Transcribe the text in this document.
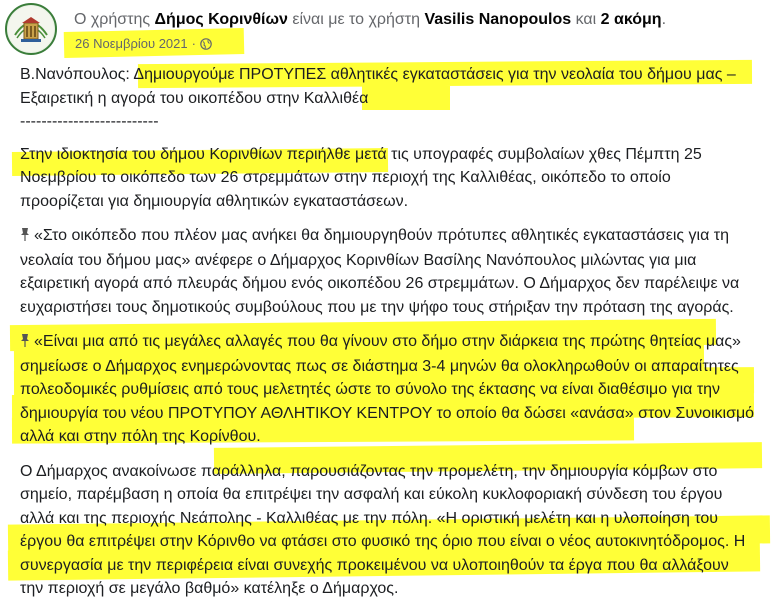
Ο χρήστης Δήμος Κορινθίων είναι με το χρήστη Vasilis Nanopoulos και 2 ακόμη.
26 Νοεμβρίου 2021 ·

Β.Νανόπουλος: Δημιουργούμε ΠΡΟΤΥΠΕΣ αθλητικές εγκαταστάσεις για την νεολαία του δήμου μας – Εξαιρετική η αγορά του οικοπέδου στην Καλλιθέα

--------------------------

Στην ιδιοκτησία του δήμου Κορινθίων περιήλθε μετά τις υπογραφές συμβολαίων χθες Πέμπτη 25 Νοεμβρίου το οικόπεδο των 26 στρεμμάτων στην περιοχή της Καλλιθέας, οικόπεδο το οποίο προορίζεται για δημιουργία αθλητικών εγκαταστάσεων.

«Στο οικόπεδο που πλέον μας ανήκει θα δημιουργηθούν πρότυπες αθλητικές εγκαταστάσεις για τη νεολαία του δήμου μας» ανέφερε ο Δήμαρχος Κορινθίων Βασίλης Νανόπουλος μιλώντας για μια εξαιρετική αγορά από πλευράς δήμου ενός οικοπέδου 26 στρεμμάτων. Ο Δήμαρχος δεν παρέλειψε να ευχαριστήσει τους δημοτικούς συμβούλους που με την ψήφο τους στήριξαν την πρόταση της αγοράς.

«Είναι μια από τις μεγάλες αλλαγές που θα γίνουν στο δήμο στην διάρκεια της πρώτης θητείας μας» σημείωσε ο Δήμαρχος ενημερώνοντας πως σε διάστημα 3-4 μηνών θα ολοκληρωθούν οι απαραίτητες πολεοδομικές ρυθμίσεις από τους μελετητές ώστε το σύνολο της έκτασης να είναι διαθέσιμο για την δημιουργία του νέου ΠΡΟΤΥΠΟΥ ΑΘΛΗΤΙΚΟΥ ΚΕΝΤΡΟΥ το οποίο θα δώσει «ανάσα» στον Συνοικισμό αλλά και στην πόλη της Κορίνθου.

Ο Δήμαρχος ανακοίνωσε παράλληλα, παρουσιάζοντας την προμελέτη, την δημιουργία κόμβων στο σημείο, παρέμβαση η οποία θα επιτρέψει την ασφαλή και εύκολη κυκλοφοριακή σύνδεση του έργου αλλά και της περιοχής Νεάπολης - Καλλιθέας με την πόλη. «Η οριστική μελέτη και η υλοποίηση του έργου θα επιτρέψει στην Κόρινθο να φτάσει στο φυσικό της όριο που είναι ο νέος αυτοκινητόδρομος. Η συνεργασία με την περιφέρεια είναι συνεχής προκειμένου να υλοποιηθούν τα έργα που θα αλλάξουν την περιοχή σε μεγάλο βαθμό» κατέληξε ο Δήμαρχος.
